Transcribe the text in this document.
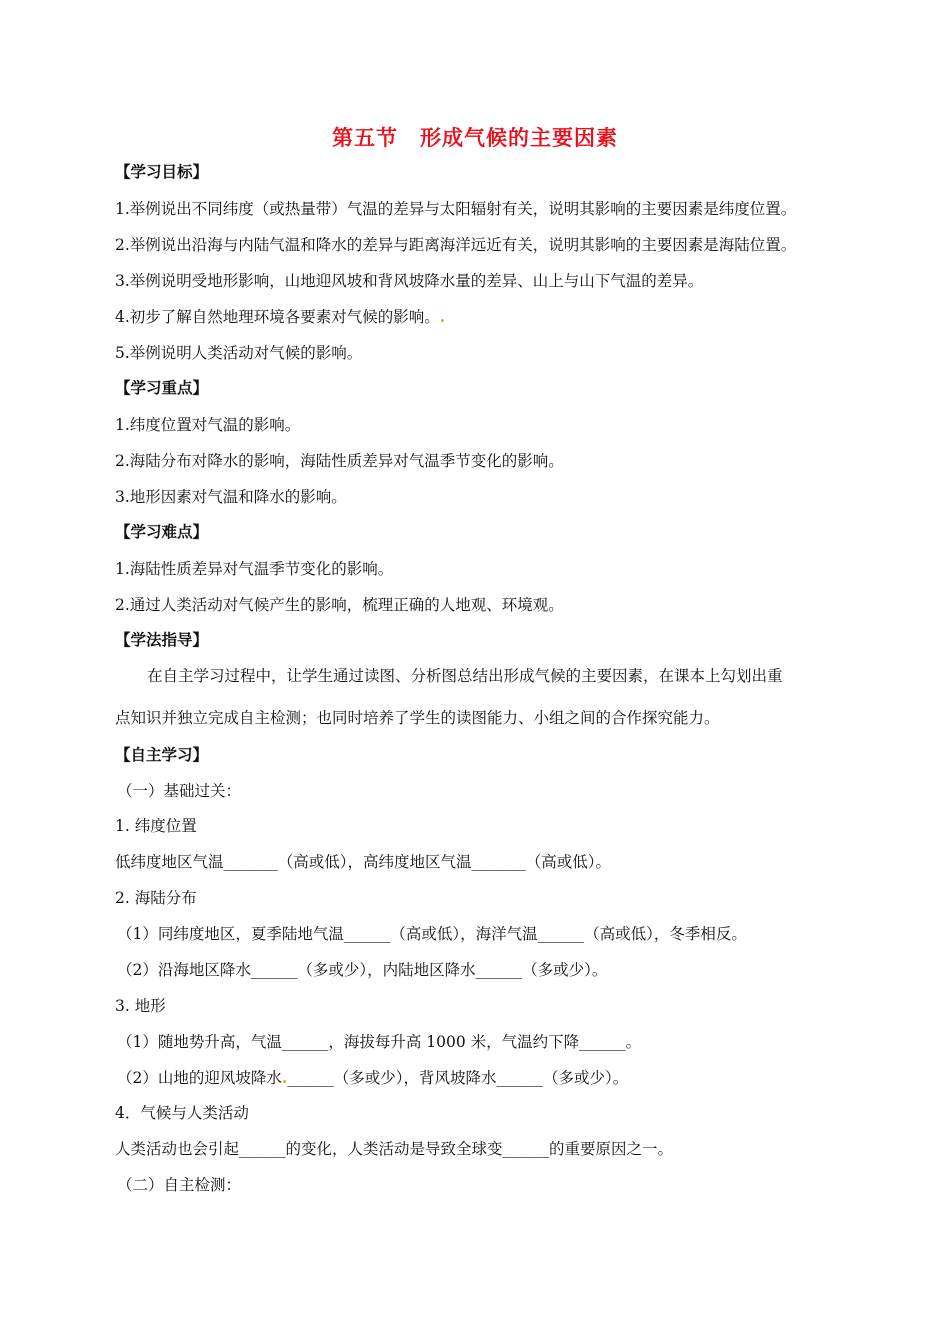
第五节　形成气候的主要因素
【学习目标】
1.举例说出不同纬度（或热量带）气温的差异与太阳辐射有关，说明其影响的主要因素是纬度位置。
2.举例说出沿海与内陆气温和降水的差异与距离海洋远近有关，说明其影响的主要因素是海陆位置。
3.举例说明受地形影响，山地迎风坡和背风坡降水量的差异、山上与山下气温的差异。
4.初步了解自然地理环境各要素对气候的影响。.
5.举例说明人类活动对气候的影响。
【学习重点】
1.纬度位置对气温的影响。
2.海陆分布对降水的影响，海陆性质差异对气温季节变化的影响。
3.地形因素对气温和降水的影响。
【学习难点】
1.海陆性质差异对气温季节变化的影响。
2.通过人类活动对气候产生的影响，梳理正确的人地观、环境观。
【学法指导】
在自主学习过程中，让学生通过读图、分析图总结出形成气候的主要因素，在课本上勾划出重
点知识并独立完成自主检测；也同时培养了学生的读图能力、小组之间的合作探究能力。
【自主学习】
（一）基础过关：
1. 纬度位置
低纬度地区气温_______（高或低），高纬度地区气温_______（高或低）。
2. 海陆分布
（1）同纬度地区，夏季陆地气温______（高或低），海洋气温______（高或低），冬季相反。
（2）沿海地区降水______（多或少），内陆地区降水______（多或少）。
3. 地形
（1）随地势升高，气温______，海拔每升高 1000 米，气温约下降______。
（2）山地的迎风坡降水.______（多或少），背风坡降水______（多或少）。
4．气候与人类活动
人类活动也会引起______的变化，人类活动是导致全球变______的重要原因之一。
（二）自主检测：
